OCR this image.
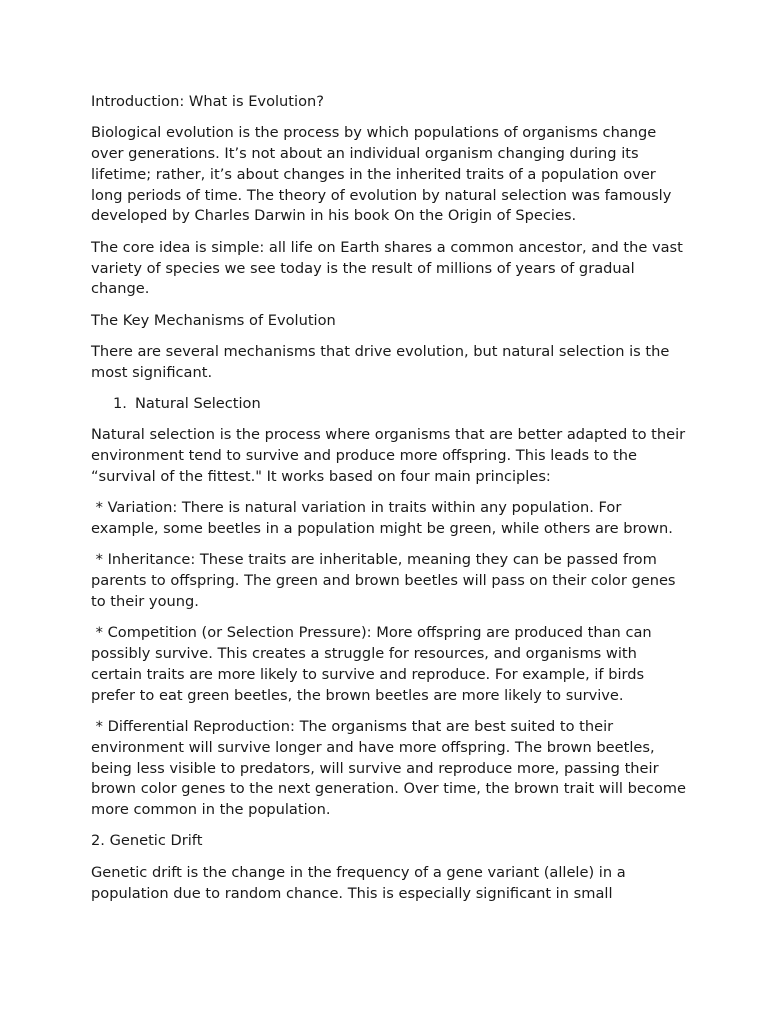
Introduction: What is Evolution?

Biological evolution is the process by which populations of organisms change over generations. It’s not about an individual organism changing during its lifetime; rather, it’s about changes in the inherited traits of a population over long periods of time. The theory of evolution by natural selection was famously developed by Charles Darwin in his book On the Origin of Species.

The core idea is simple: all life on Earth shares a common ancestor, and the vast variety of species we see today is the result of millions of years of gradual change.

The Key Mechanisms of Evolution

There are several mechanisms that drive evolution, but natural selection is the most significant.

1. Natural Selection

Natural selection is the process where organisms that are better adapted to their environment tend to survive and produce more offspring. This leads to the “survival of the fittest." It works based on four main principles:

* Variation: There is natural variation in traits within any population. For example, some beetles in a population might be green, while others are brown.

* Inheritance: These traits are inheritable, meaning they can be passed from parents to offspring. The green and brown beetles will pass on their color genes to their young.

* Competition (or Selection Pressure): More offspring are produced than can possibly survive. This creates a struggle for resources, and organisms with certain traits are more likely to survive and reproduce. For example, if birds prefer to eat green beetles, the brown beetles are more likely to survive.

* Differential Reproduction: The organisms that are best suited to their environment will survive longer and have more offspring. The brown beetles, being less visible to predators, will survive and reproduce more, passing their brown color genes to the next generation. Over time, the brown trait will become more common in the population.

2. Genetic Drift

Genetic drift is the change in the frequency of a gene variant (allele) in a population due to random chance. This is especially significant in small
